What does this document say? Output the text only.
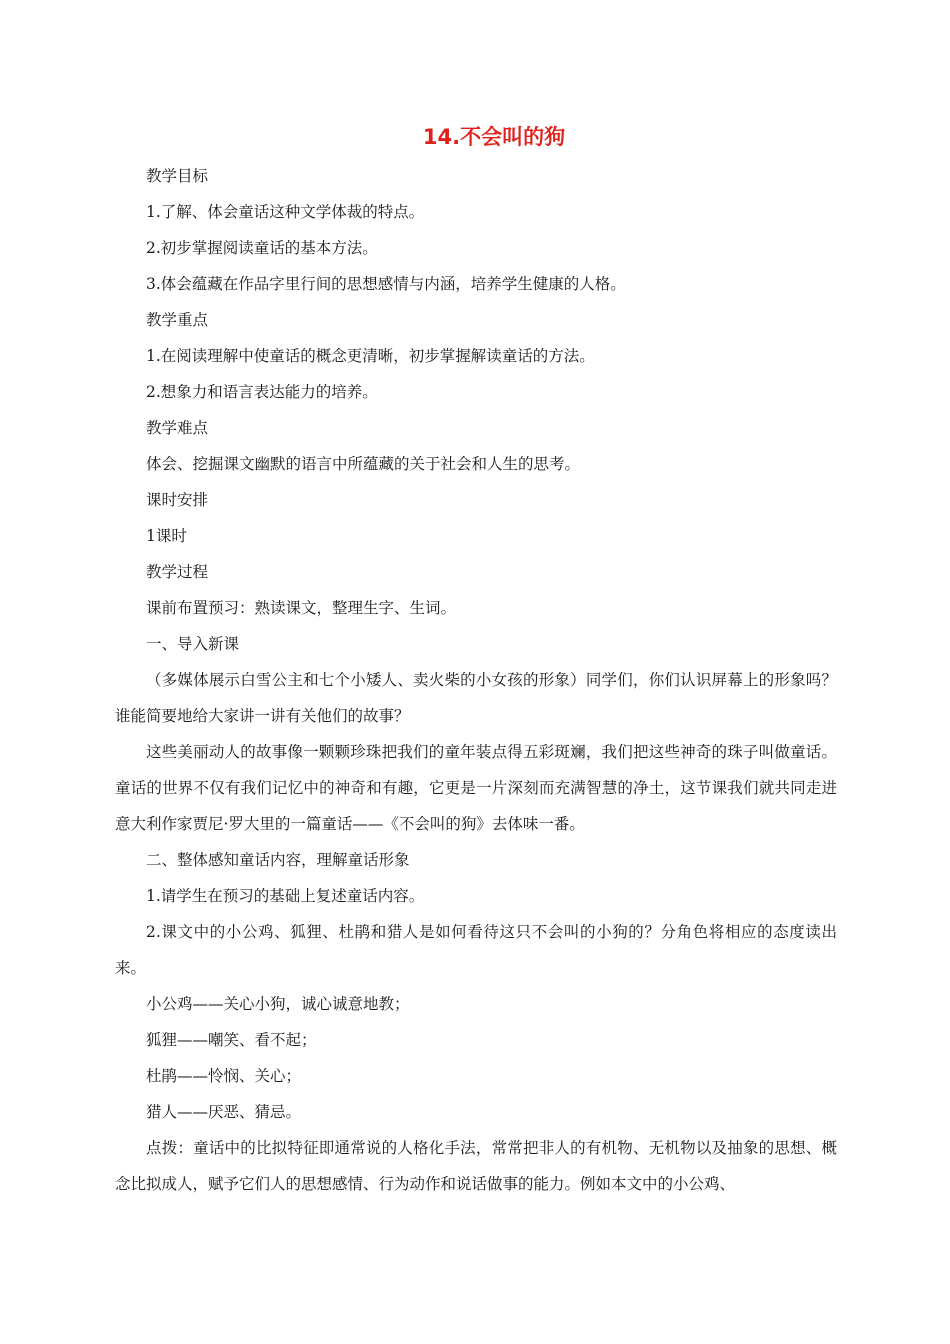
14.不会叫的狗

教学目标

1.了解、体会童话这种文学体裁的特点。

2.初步掌握阅读童话的基本方法。

3.体会蕴藏在作品字里行间的思想感情与内涵，培养学生健康的人格。

教学重点

1.在阅读理解中使童话的概念更清晰，初步掌握解读童话的方法。

2.想象力和语言表达能力的培养。

教学难点

体会、挖掘课文幽默的语言中所蕴藏的关于社会和人生的思考。

课时安排

1课时

教学过程

课前布置预习：熟读课文，整理生字、生词。

一、导入新课

（多媒体展示白雪公主和七个小矮人、卖火柴的小女孩的形象）同学们，你们认识屏幕上的形象吗？谁能简要地给大家讲一讲有关他们的故事？

这些美丽动人的故事像一颗颗珍珠把我们的童年装点得五彩斑斓，我们把这些神奇的珠子叫做童话。童话的世界不仅有我们记忆中的神奇和有趣，它更是一片深刻而充满智慧的净土，这节课我们就共同走进意大利作家贾尼·罗大里的一篇童话——《不会叫的狗》去体味一番。

二、整体感知童话内容，理解童话形象

1.请学生在预习的基础上复述童话内容。

2.课文中的小公鸡、狐狸、杜鹃和猎人是如何看待这只不会叫的小狗的？分角色将相应的态度读出来。

小公鸡——关心小狗，诚心诚意地教；

狐狸——嘲笑、看不起；

杜鹃——怜悯、关心；

猎人——厌恶、猜忌。

点拨：童话中的比拟特征即通常说的人格化手法，常常把非人的有机物、无机物以及抽象的思想、概念比拟成人，赋予它们人的思想感情、行为动作和说话做事的能力。例如本文中的小公鸡、
